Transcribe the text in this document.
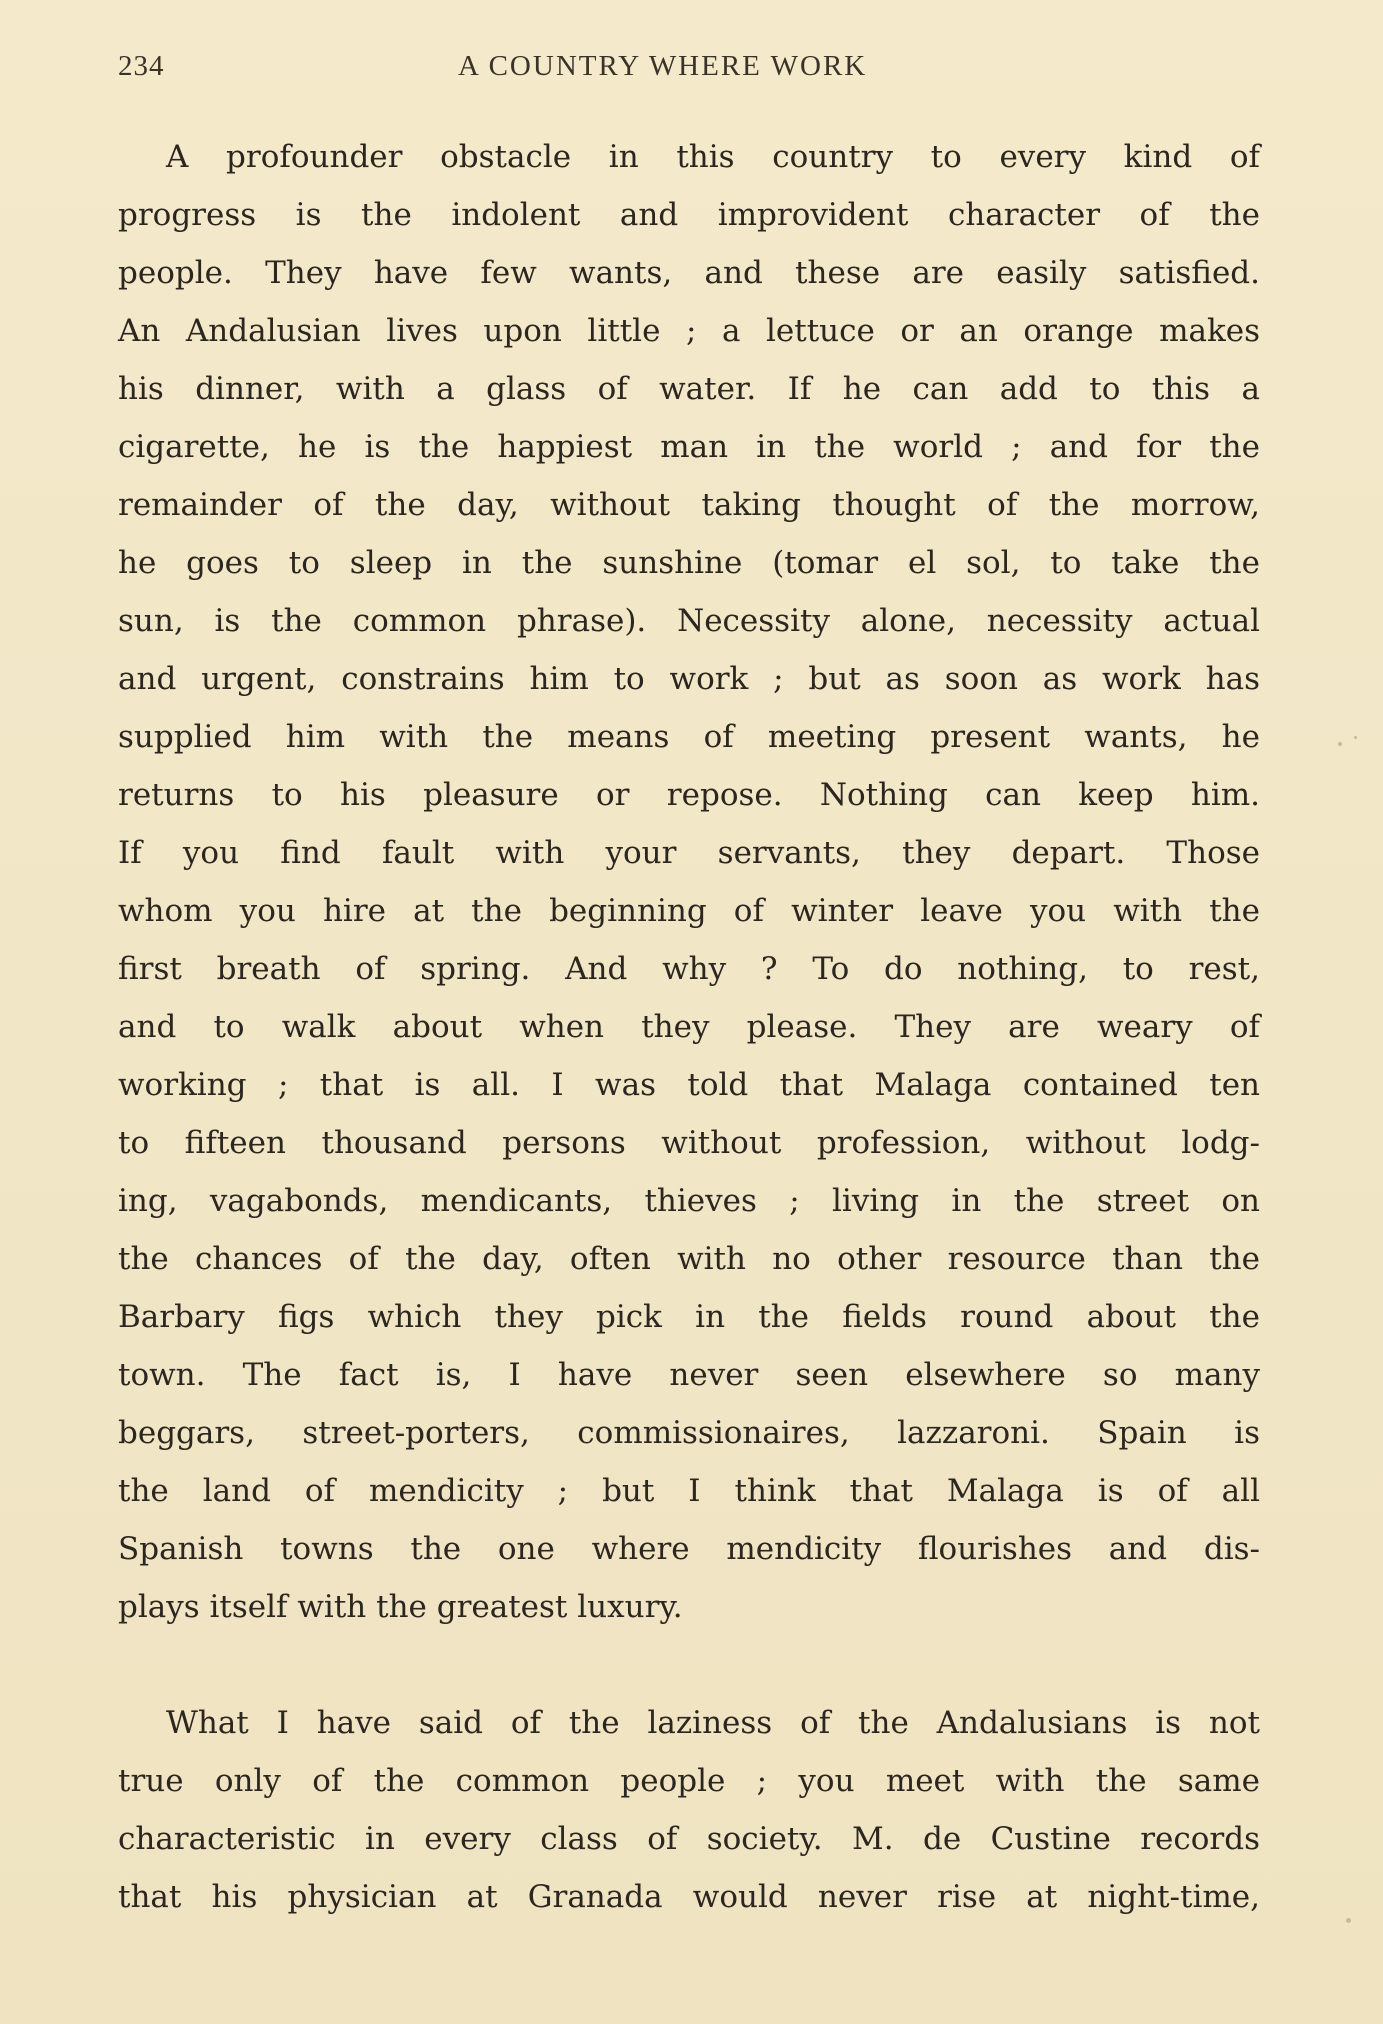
234	A COUNTRY WHERE WORK
A profounder obstacle in this country to every kind of
progress is the indolent and improvident character of the
people. They have few wants, and these are easily satisfied.
An Andalusian lives upon little ; a lettuce or an orange makes
his dinner, with a glass of water. If he can add to this a
cigarette, he is the happiest man in the world ; and for the
remainder of the day, without taking thought of the morrow,
he goes to sleep in the sunshine (tomar el sol, to take the
sun, is the common phrase). Necessity alone, necessity actual
and urgent, constrains him to work ; but as soon as work has
supplied him with the means of meeting present wants, he
returns to his pleasure or repose. Nothing can keep him.
If you find fault with your servants, they depart. Those
whom you hire at the beginning of winter leave you with the
first breath of spring. And why ? To do nothing, to rest,
and to walk about when they please. They are weary of
working ; that is all. I was told that Malaga contained ten
to fifteen thousand persons without profession, without lodg-
ing, vagabonds, mendicants, thieves ; living in the street on
the chances of the day, often with no other resource than the
Barbary figs which they pick in the fields round about the
town. The fact is, I have never seen elsewhere so many
beggars, street-porters, commissionaires, lazzaroni. Spain is
the land of mendicity ; but I think that Malaga is of all
Spanish towns the one where mendicity flourishes and dis-
plays itself with the greatest luxury.
What I have said of the laziness of the Andalusians is not
true only of the common people ; you meet with the same
characteristic in every class of society. M. de Custine records
that his physician at Granada would never rise at night-time,
